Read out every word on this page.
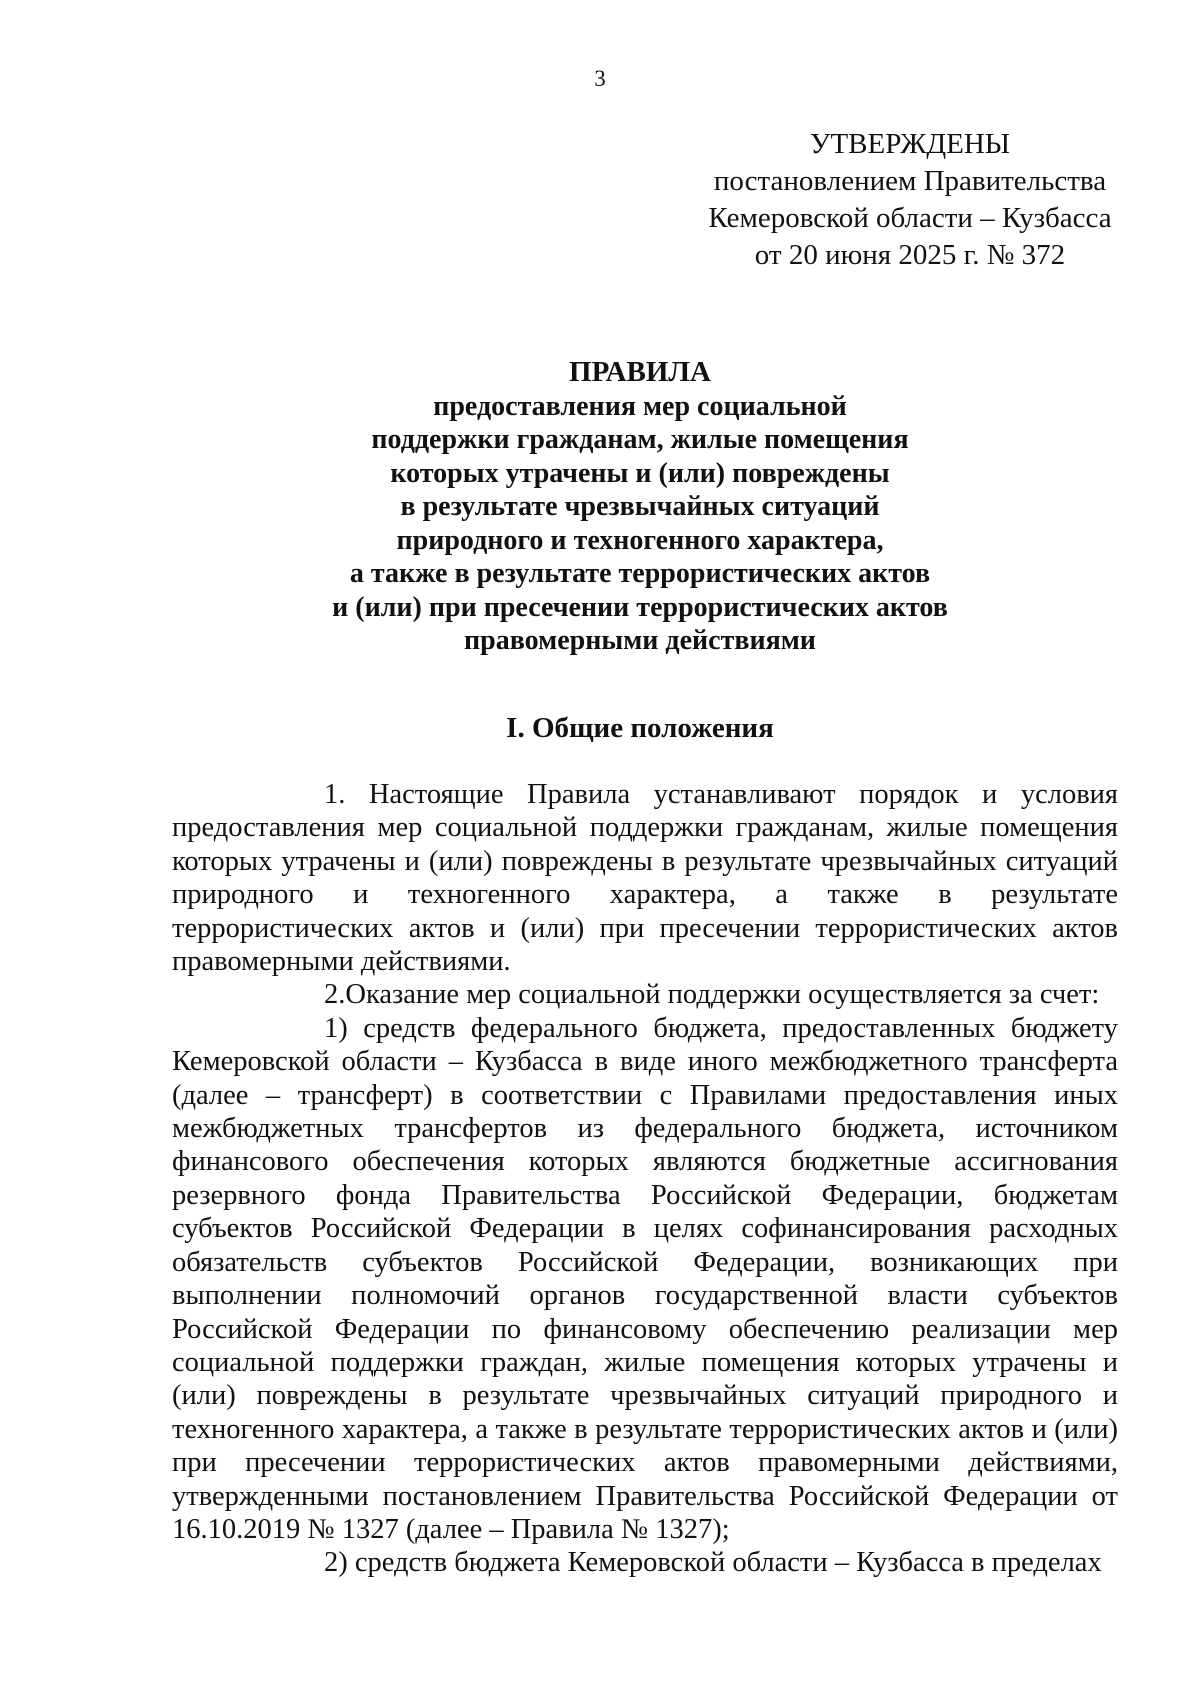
3
УТВЕРЖДЕНЫ
постановлением Правительства
Кемеровской области – Кузбасса
от 20 июня 2025 г. № 372
ПРАВИЛА
предоставления мер социальной
поддержки гражданам, жилые помещения
которых утрачены и (или) повреждены
в результате чрезвычайных ситуаций
природного и техногенного характера,
а также в результате террористических актов
и (или) при пресечении террористических актов
правомерными действиями
I. Общие положения

1. Настоящие Правила устанавливают порядок и условия предоставления мер социальной поддержки гражданам, жилые помещения которых утрачены и (или) повреждены в результате чрезвычайных ситуаций природного и техногенного характера, а также в результате террористических актов и (или) при пресечении террористических актов правомерными действиями.

2.Оказание мер социальной поддержки осуществляется за счет:

1) средств федерального бюджета, предоставленных бюджету Кемеровской области – Кузбасса в виде иного межбюджетного трансферта (далее – трансферт) в соответствии с Правилами предоставления иных межбюджетных трансфертов из федерального бюджета, источником финансового обеспечения которых являются бюджетные ассигнования резервного фонда Правительства Российской Федерации, бюджетам субъектов Российской Федерации в целях софинансирования расходных обязательств субъектов Российской Федерации, возникающих при выполнении полномочий органов государственной власти субъектов Российской Федерации по финансовому обеспечению реализации мер социальной поддержки граждан, жилые помещения которых утрачены и (или) повреждены в результате чрезвычайных ситуаций природного и техногенного характера, а также в результате террористических актов и (или) при пресечении террористических актов правомерными действиями, утвержденными постановлением Правительства Российской Федерации от 16.10.2019 № 1327 (далее – Правила № 1327);

2) средств бюджета Кемеровской области – Кузбасса в пределах
